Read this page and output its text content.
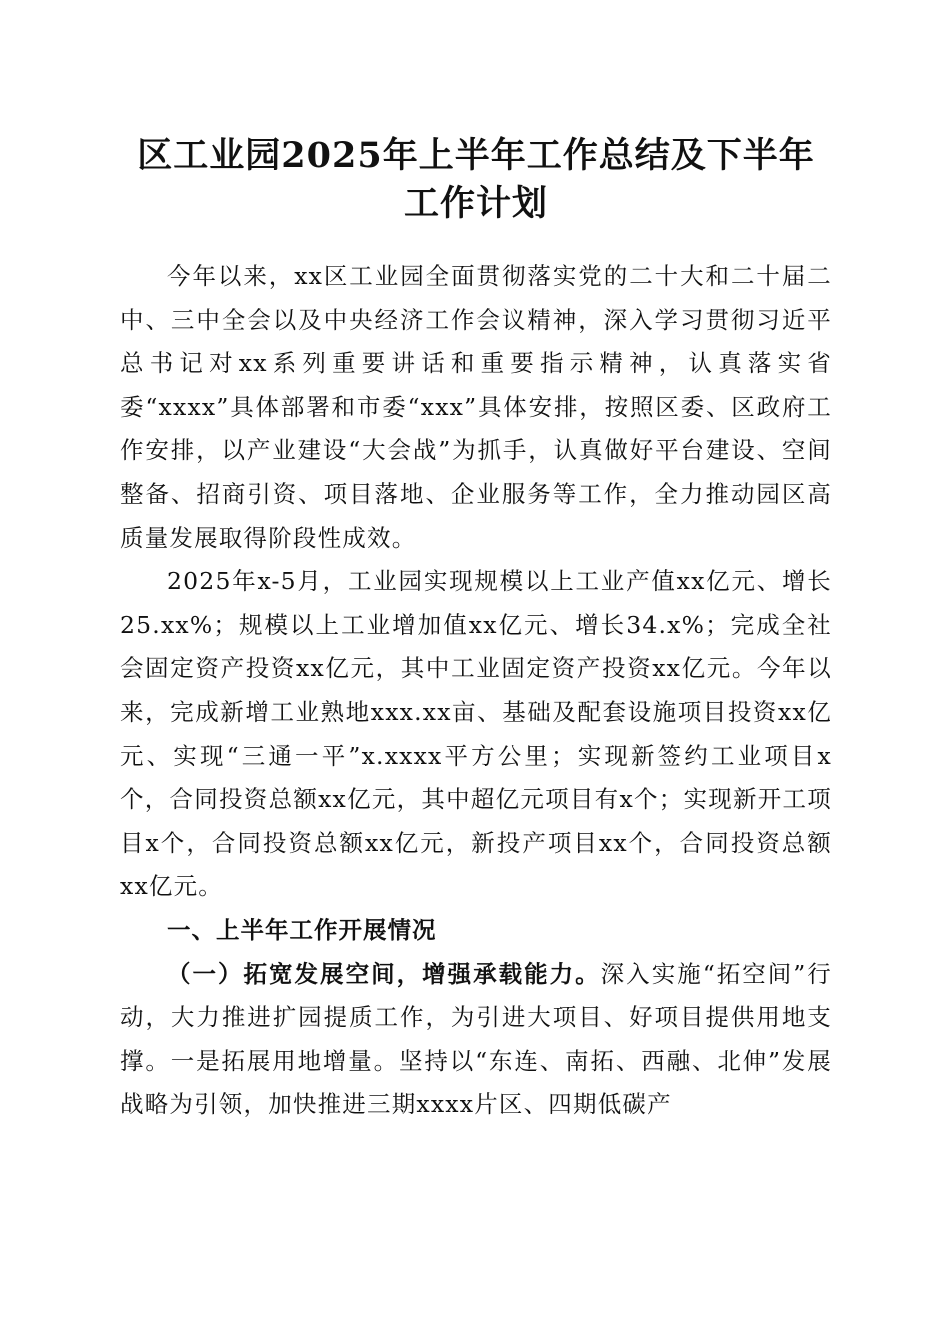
区工业园2025年上半年工作总结及下半年工作计划

今年以来，xx区工业园全面贯彻落实党的二十大和二十届二中、三中全会以及中央经济工作会议精神，深入学习贯彻习近平总书记对xx系列重要讲话和重要指示精神，认真落实省委“xxxx”具体部署和市委“xxx”具体安排，按照区委、区政府工作安排，以产业建设“大会战”为抓手，认真做好平台建设、空间整备、招商引资、项目落地、企业服务等工作，全力推动园区高质量发展取得阶段性成效。

2025年x-5月，工业园实现规模以上工业产值xx亿元、增长25.xx%；规模以上工业增加值xx亿元、增长34.x%；完成全社会固定资产投资xx亿元，其中工业固定资产投资xx亿元。今年以来，完成新增工业熟地xxx.xx亩、基础及配套设施项目投资xx亿元、实现“三通一平”x.xxxx平方公里；实现新签约工业项目x个，合同投资总额xx亿元，其中超亿元项目有x个；实现新开工项目x个，合同投资总额xx亿元，新投产项目xx个，合同投资总额xx亿元。

一、上半年工作开展情况

（一）拓宽发展空间，增强承载能力。深入实施“拓空间”行动，大力推进扩园提质工作，为引进大项目、好项目提供用地支撑。一是拓展用地增量。坚持以“东连、南拓、西融、北伸”发展战略为引领，加快推进三期xxxx片区、四期低碳产
